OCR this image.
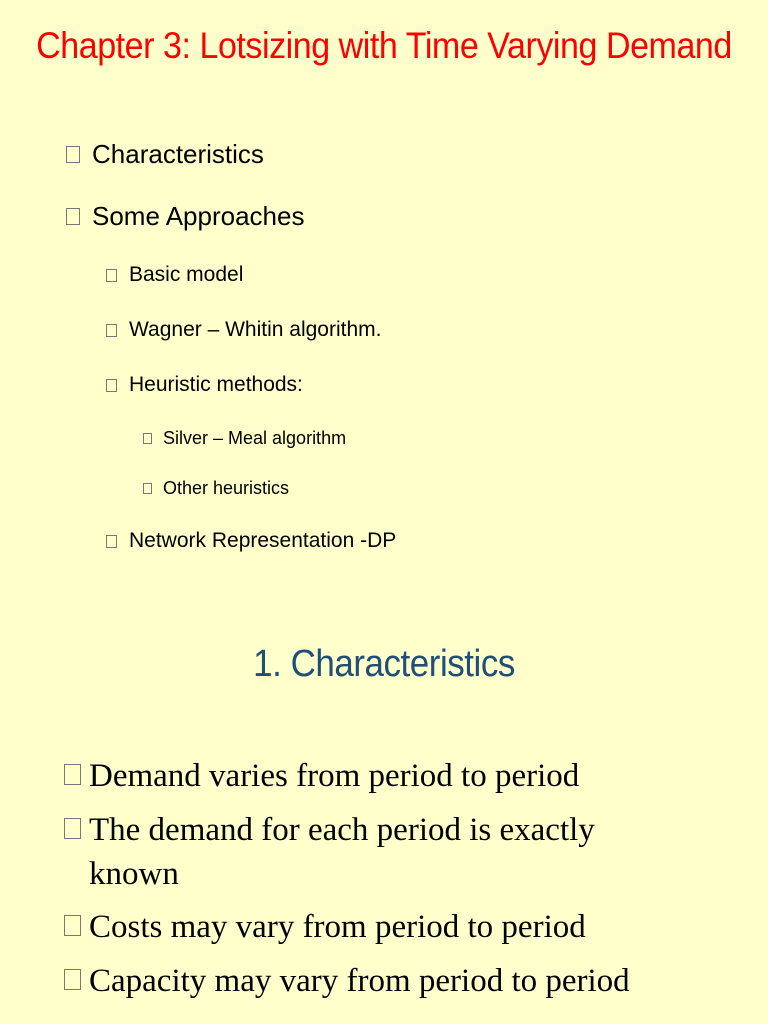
Chapter 3: Lotsizing with Time Varying Demand
Characteristics
Some Approaches
Basic model
Wagner – Whitin algorithm.
Heuristic methods:
Silver – Meal algorithm
Other heuristics
Network Representation -DP
1. Characteristics
Demand varies from period to period
The demand for each period is exactly known
Costs may vary from period to period
Capacity may vary from period to period
